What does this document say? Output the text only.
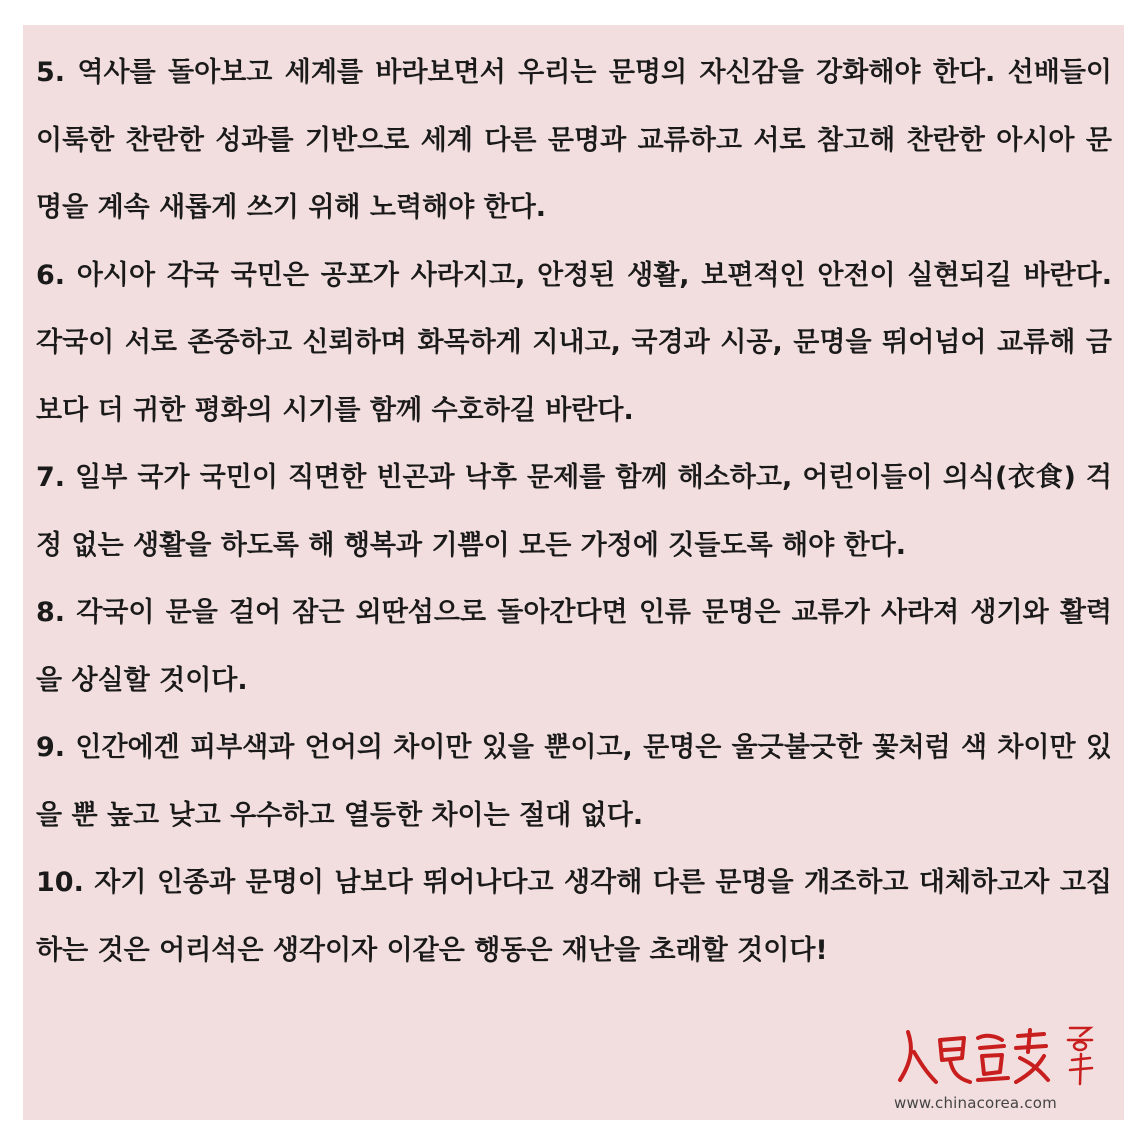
5. 역사를 돌아보고 세계를 바라보면서 우리는 문명의 자신감을 강화해야 한다. 선배들이 이룩한 찬란한 성과를 기반으로 세계 다른 문명과 교류하고 서로 참고해 찬란한 아시아 문명을 계속 새롭게 쓰기 위해 노력해야 한다.

6. 아시아 각국 국민은 공포가 사라지고, 안정된 생활, 보편적인 안전이 실현되길 바란다. 각국이 서로 존중하고 신뢰하며 화목하게 지내고, 국경과 시공, 문명을 뛰어넘어 교류해 금보다 더 귀한 평화의 시기를 함께 수호하길 바란다.

7. 일부 국가 국민이 직면한 빈곤과 낙후 문제를 함께 해소하고, 어린이들이 의식(衣食) 걱정 없는 생활을 하도록 해 행복과 기쁨이 모든 가정에 깃들도록 해야 한다.

8. 각국이 문을 걸어 잠근 외딴섬으로 돌아간다면 인류 문명은 교류가 사라져 생기와 활력을 상실할 것이다.

9. 인간에겐 피부색과 언어의 차이만 있을 뿐이고, 문명은 울긋불긋한 꽃처럼 색 차이만 있을 뿐 높고 낮고 우수하고 열등한 차이는 절대 없다.

10. 자기 인종과 문명이 남보다 뛰어나다고 생각해 다른 문명을 개조하고 대체하고자 고집하는 것은 어리석은 생각이자 이같은 행동은 재난을 초래할 것이다!

www.chinacorea.com
